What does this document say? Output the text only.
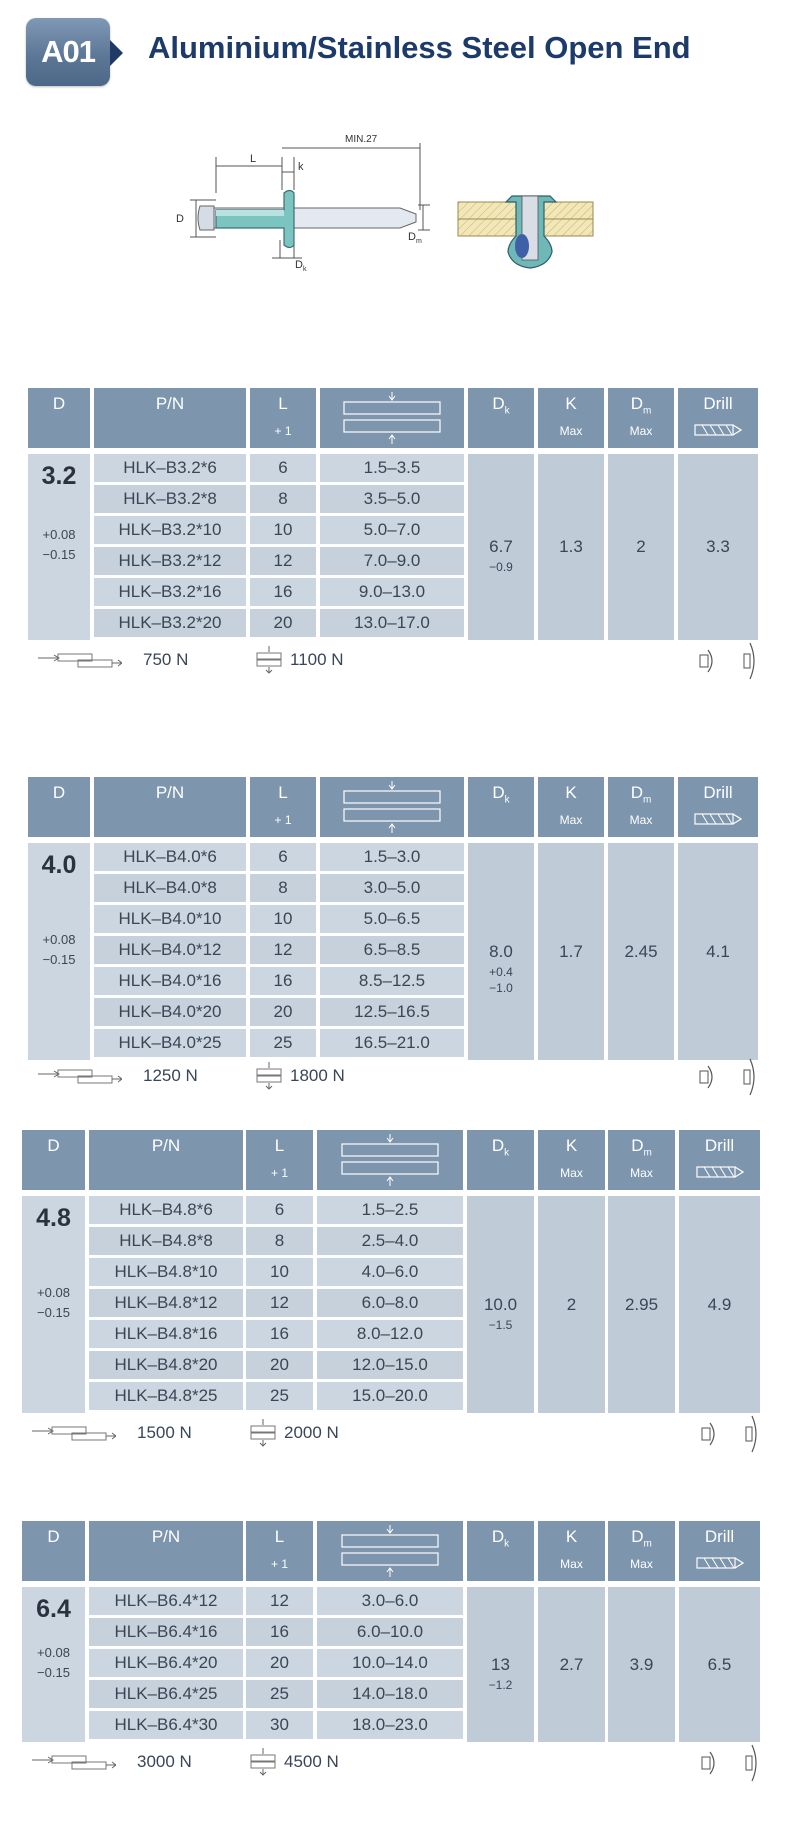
A01	Aluminium/Stainless Steel Open End
L
k
MIN.27
D
D m
D k
D	P/N	L
+ 1
$D_k$	K
Max
$D_m$
Max
Drill
3.2
+0.08
−0.15
HLK–B3.2*6	6	1.5–3.5
HLK–B3.2*8	8	3.5–5.0
HLK–B3.2*10	10	5.0–7.0
HLK–B3.2*12	12	7.0–9.0
HLK–B3.2*16	16	9.0–13.0
HLK–B3.2*20	20	13.0–17.0
6.7
−0.9
1.3	2	3.3
750 N	1100 N
D	P/N	L
+ 1
$D_k$	K
Max
$D_m$
Max
Drill
4.0
+0.08
−0.15
HLK–B4.0*6	6	1.5–3.0
HLK–B4.0*8	8	3.0–5.0
HLK–B4.0*10	10	5.0–6.5
HLK–B4.0*12	12	6.5–8.5
HLK–B4.0*16	16	8.5–12.5
HLK–B4.0*20	20	12.5–16.5
HLK–B4.0*25	25	16.5–21.0
8.0
+0.4
−1.0
1.7	2.45	4.1
1250 N	1800 N
D	P/N	L
+ 1
$D_k$	K
Max
$D_m$
Max
Drill
4.8
+0.08
−0.15
HLK–B4.8*6	6	1.5–2.5
HLK–B4.8*8	8	2.5–4.0
HLK–B4.8*10	10	4.0–6.0
HLK–B4.8*12	12	6.0–8.0
HLK–B4.8*16	16	8.0–12.0
HLK–B4.8*20	20	12.0–15.0
HLK–B4.8*25	25	15.0–20.0
10.0
−1.5
2	2.95	4.9
1500 N	2000 N
D	P/N	L
+ 1
$D_k$	K
Max
$D_m$
Max
Drill
6.4
+0.08
−0.15
HLK–B6.4*12	12	3.0–6.0
HLK–B6.4*16	16	6.0–10.0
HLK–B6.4*20	20	10.0–14.0
HLK–B6.4*25	25	14.0–18.0
HLK–B6.4*30	30	18.0–23.0
13
−1.2
2.7	3.9	6.5
3000 N	4500 N
